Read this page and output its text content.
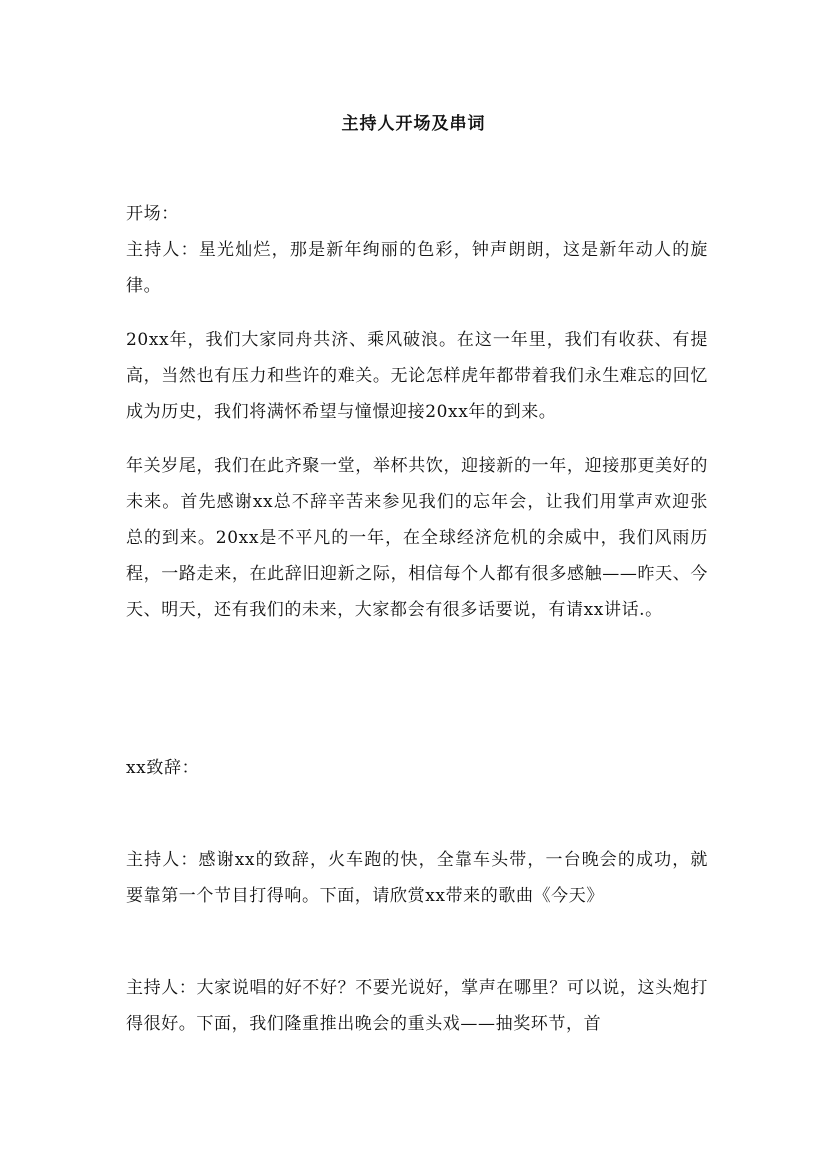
主持人开场及串词

开场：

主持人：星光灿烂，那是新年绚丽的色彩，钟声朗朗，这是新年动人的旋律。

20xx年，我们大家同舟共济、乘风破浪。在这一年里，我们有收获、有提高，当然也有压力和些许的难关。无论怎样虎年都带着我们永生难忘的回忆成为历史，我们将满怀希望与憧憬迎接20xx年的到来。

年关岁尾，我们在此齐聚一堂，举杯共饮，迎接新的一年，迎接那更美好的未来。首先感谢xx总不辞辛苦来参见我们的忘年会，让我们用掌声欢迎张总的到来。20xx是不平凡的一年，在全球经济危机的余威中，我们风雨历程，一路走来，在此辞旧迎新之际，相信每个人都有很多感触——昨天、今天、明天，还有我们的未来，大家都会有很多话要说，有请xx讲话.。

xx致辞：

主持人：感谢xx的致辞，火车跑的快，全靠车头带，一台晚会的成功，就要靠第一个节目打得响。下面，请欣赏xx带来的歌曲《今天》

主持人：大家说唱的好不好？不要光说好，掌声在哪里？可以说，这头炮打得很好。下面，我们隆重推出晚会的重头戏——抽奖环节，首
